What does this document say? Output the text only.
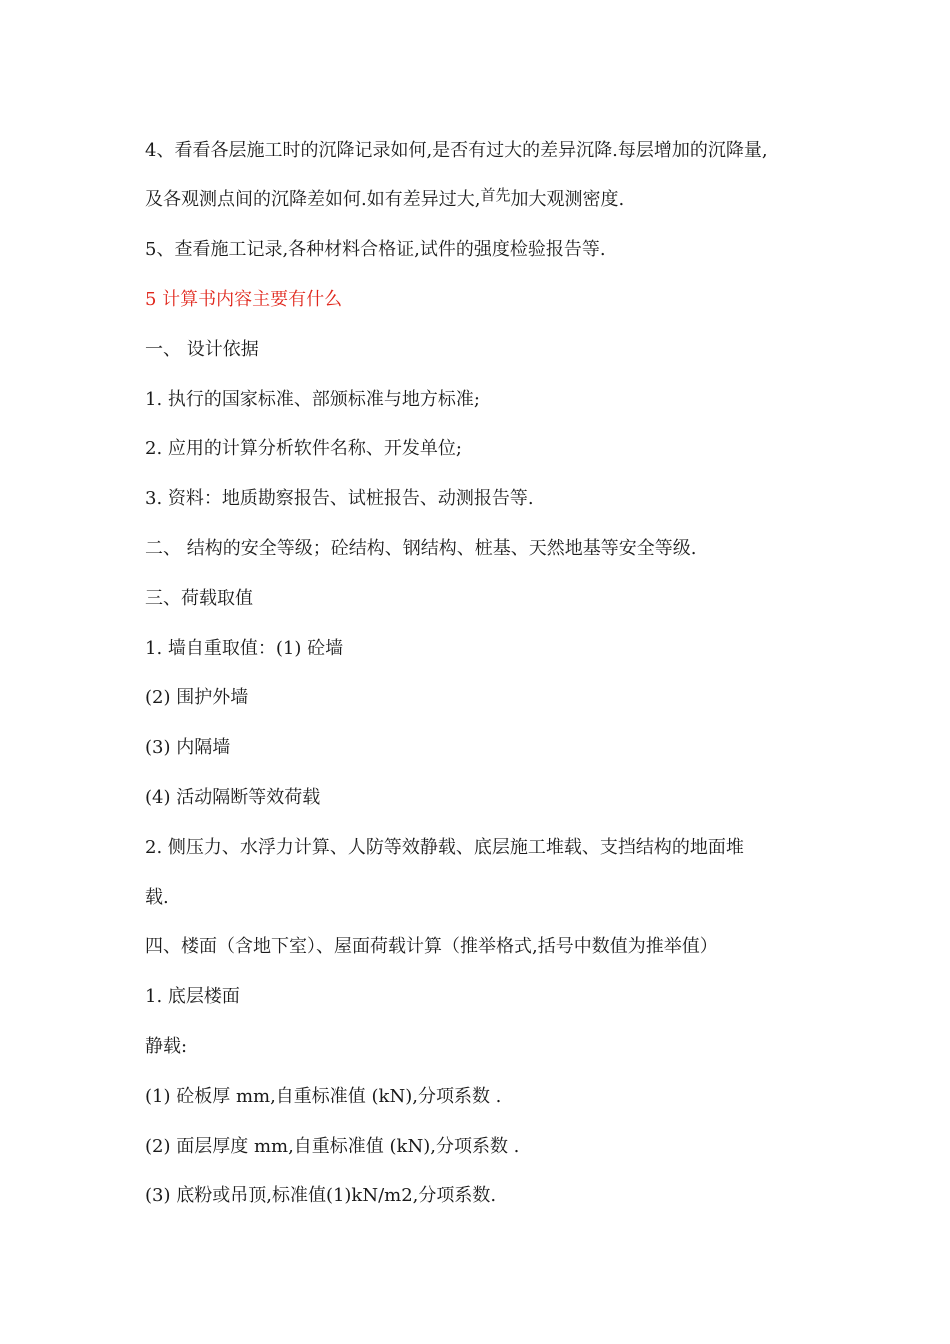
4、看看各层施工时的沉降记录如何,是否有过大的差异沉降.每层增加的沉降量,
及各观测点间的沉降差如何.如有差异过大,$^{首先}$加大观测密度.
5、查看施工记录,各种材料合格证,试件的强度检验报告等.
5 计算书内容主要有什么
一、 设计依据
1. 执行的国家标准、部颁标准与地方标准;
2. 应用的计算分析软件名称、开发单位;
3. 资料：地质勘察报告、试桩报告、动测报告等.
二、 结构的安全等级；砼结构、钢结构、桩基、天然地基等安全等级.
三、荷载取值
1. 墙自重取值：(1) 砼墙
(2) 围护外墙
(3) 内隔墙
(4) 活动隔断等效荷载
2. 侧压力、水浮力计算、人防等效静载、底层施工堆载、支挡结构的地面堆
载.
四、楼面（含地下室）、屋面荷载计算（推举格式,括号中数值为推举值）
1. 底层楼面
静载:
(1) 砼板厚 mm,自重标准值 (kN),分项系数 .
(2) 面层厚度 mm,自重标准值 (kN),分项系数 .
(3) 底粉或吊顶,标准值(1)kN/m2,分项系数.
